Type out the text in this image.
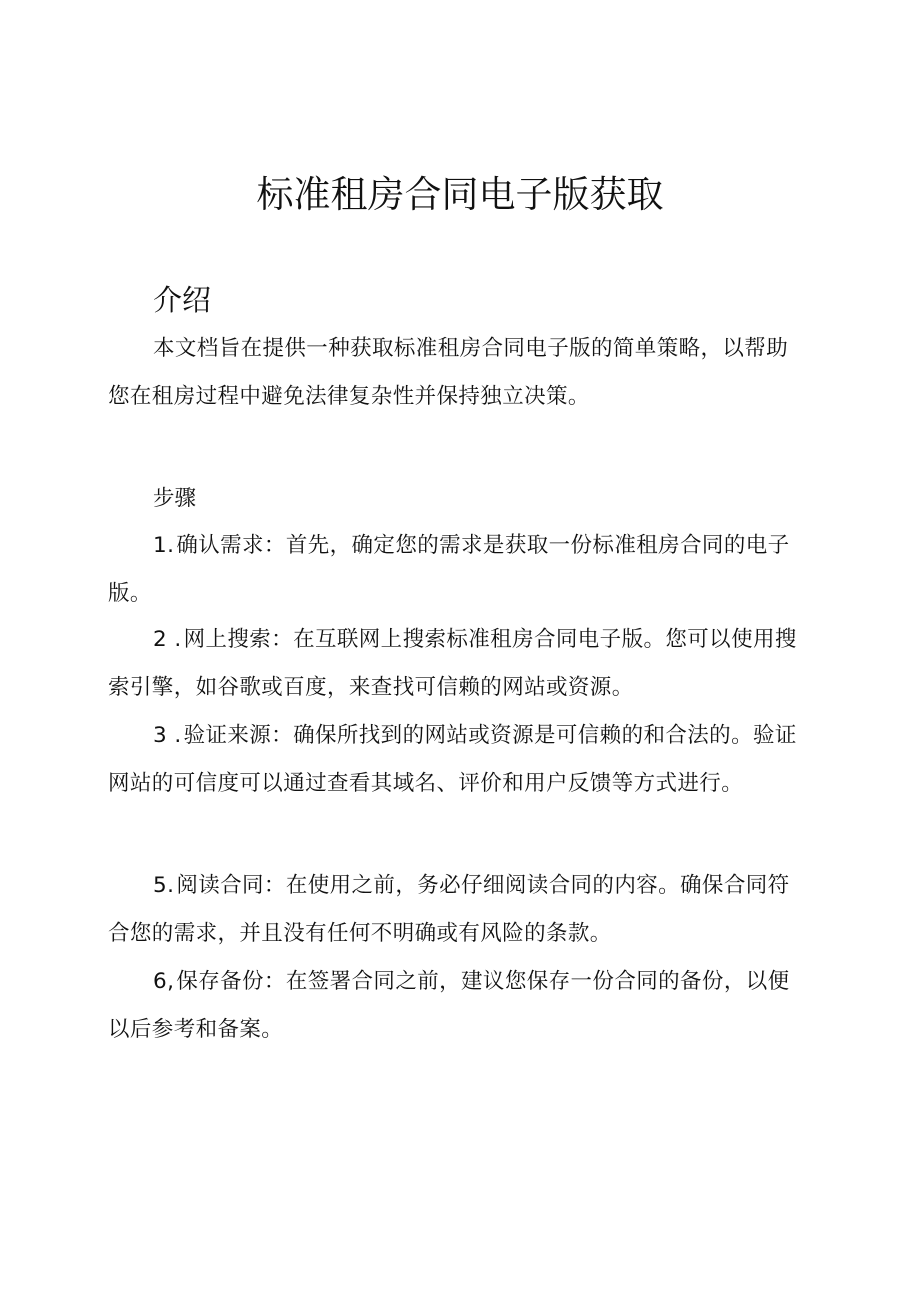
标准租房合同电子版获取
介绍

本文档旨在提供一种获取标准租房合同电子版的简单策略，以帮助您在租房过程中避免法律复杂性并保持独立决策。

步骤

1.确认需求：首先，确定您的需求是获取一份标准租房合同的电子版。

2 .网上搜索：在互联网上搜索标准租房合同电子版。您可以使用搜索引擎，如谷歌或百度，来查找可信赖的网站或资源。

3 .验证来源：确保所找到的网站或资源是可信赖的和合法的。验证网站的可信度可以通过查看其域名、评价和用户反馈等方式进行。

5.阅读合同：在使用之前，务必仔细阅读合同的内容。确保合同符合您的需求，并且没有任何不明确或有风险的条款。

6,保存备份：在签署合同之前，建议您保存一份合同的备份，以便以后参考和备案。
